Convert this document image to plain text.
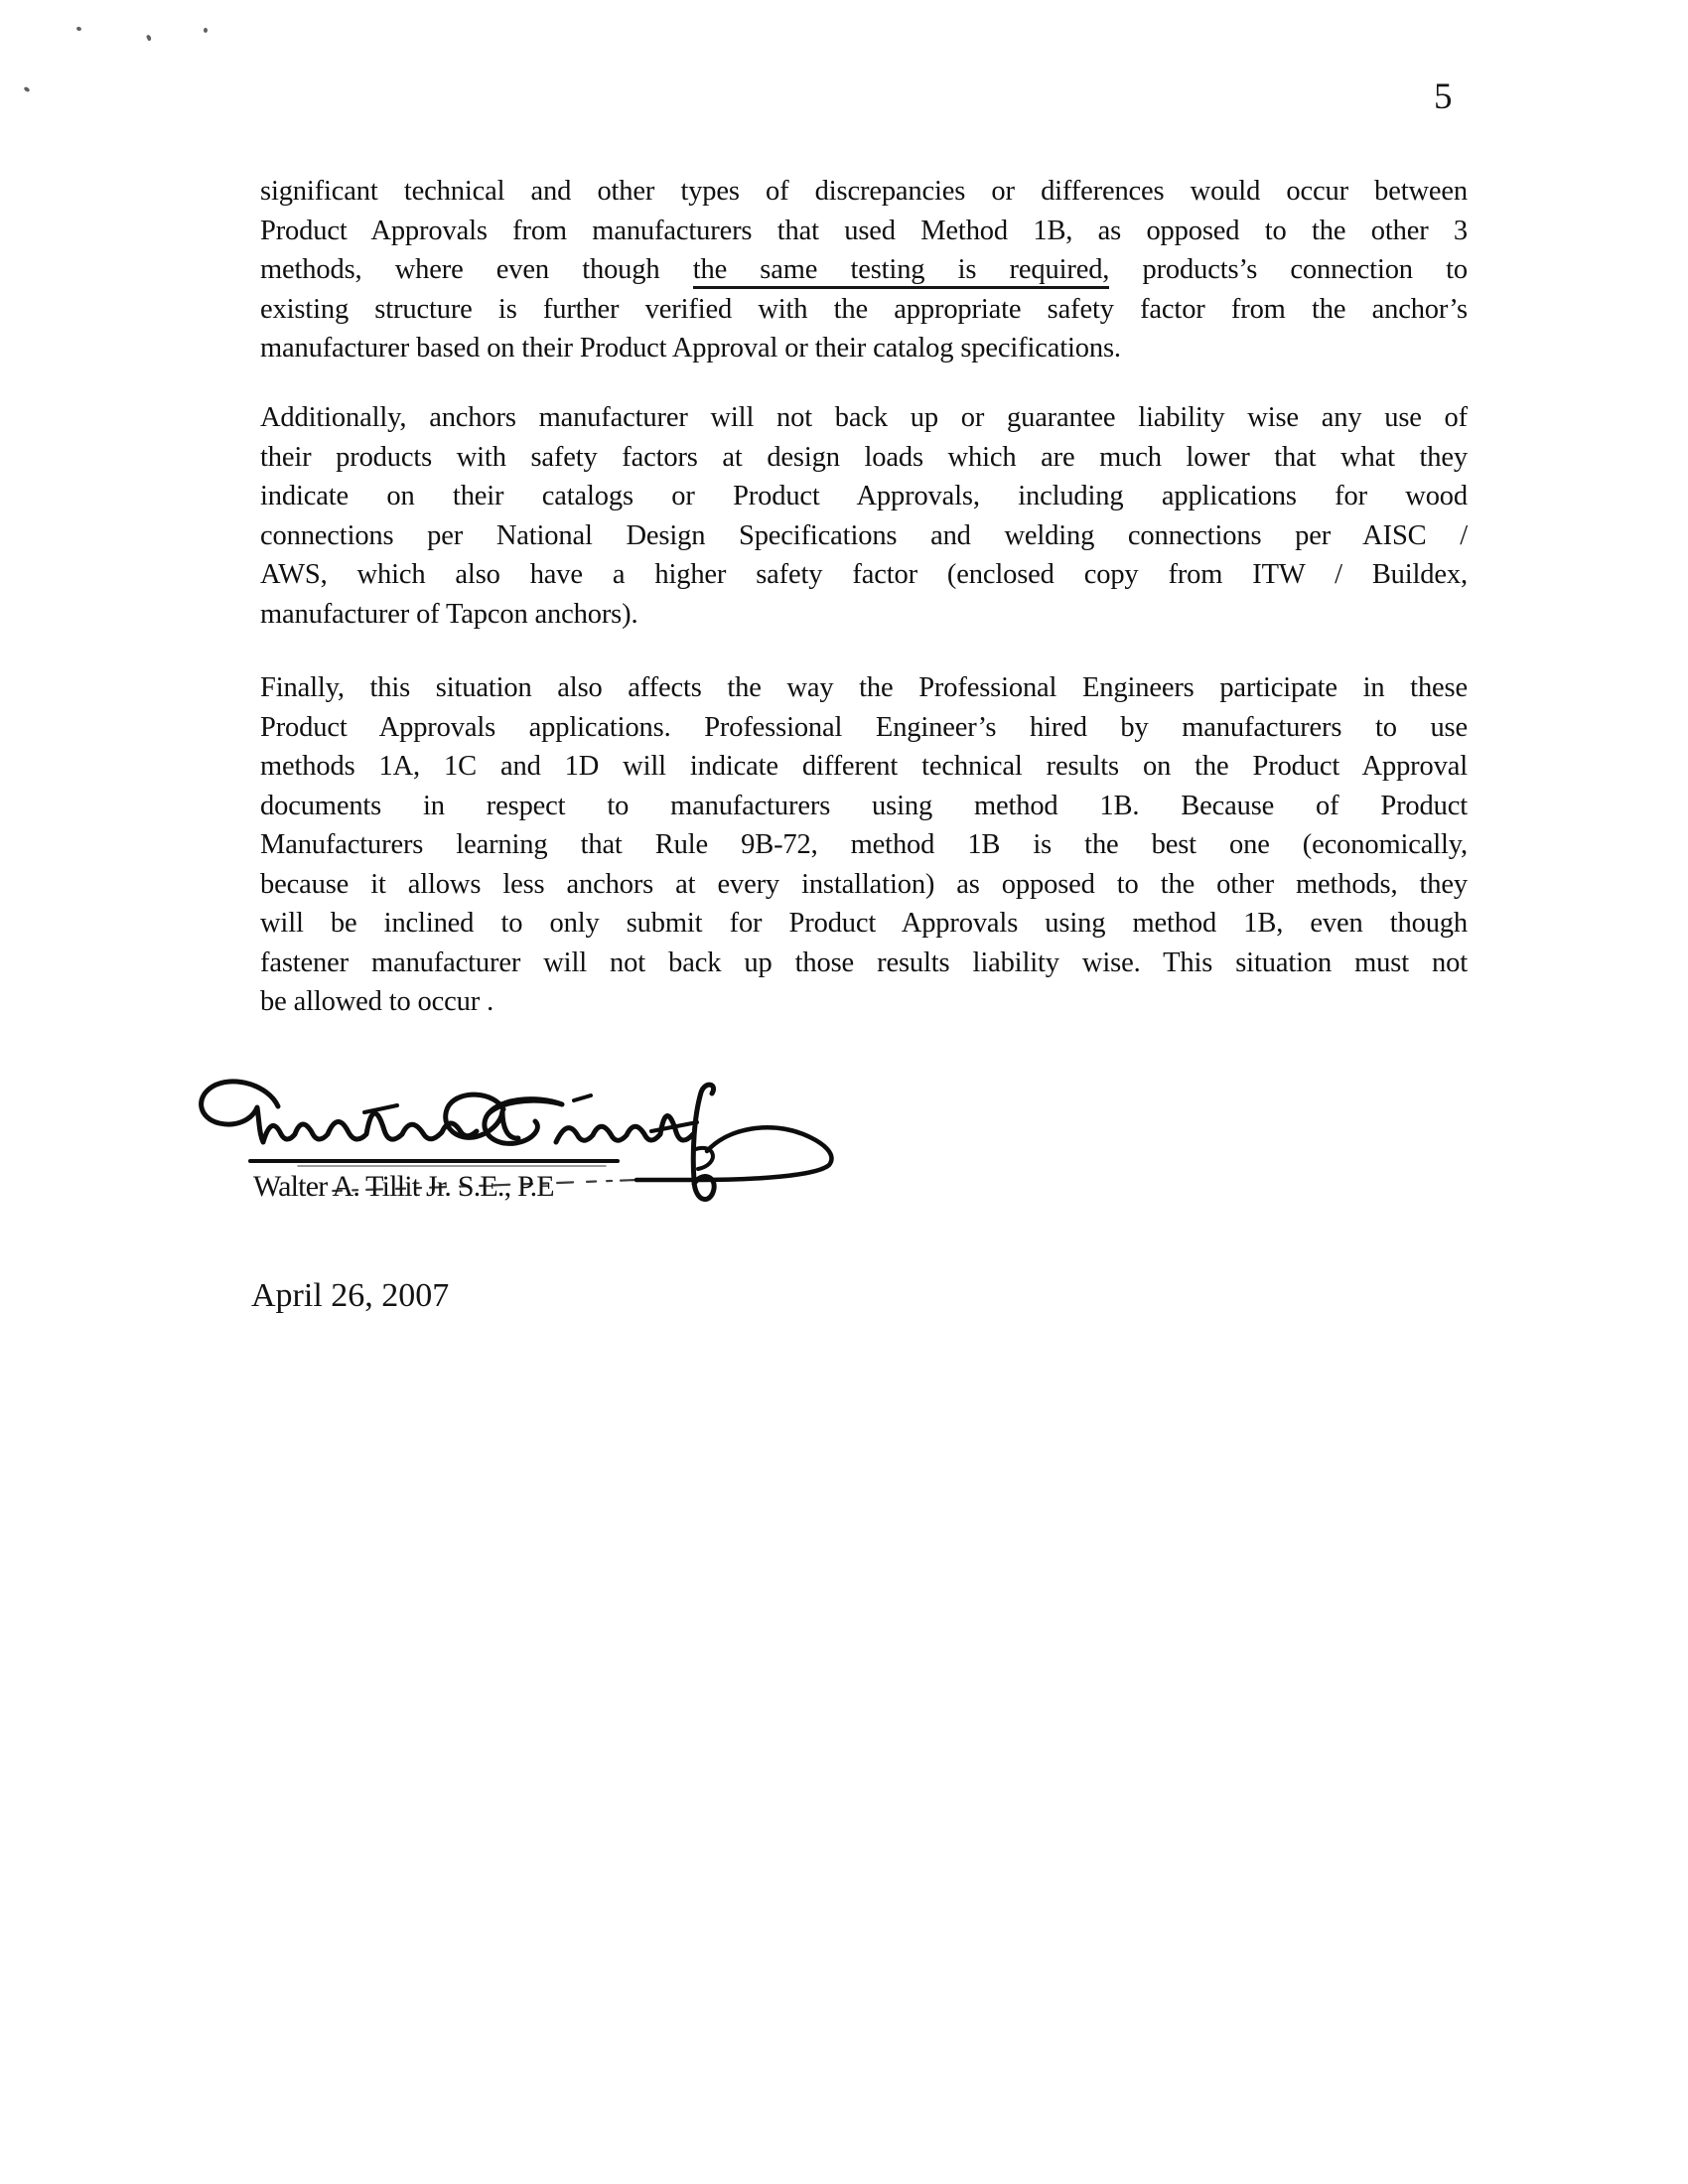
5
significant technical and other types of discrepancies or differences would occur between
Product Approvals from manufacturers that used Method 1B, as opposed to the other 3
methods, where even though the same testing is required, products’s connection to
existing structure is further verified with the appropriate safety factor from the anchor’s
manufacturer based on their Product Approval or their catalog specifications.
Additionally, anchors manufacturer will not back up or guarantee liability wise any use of
their products with safety factors at design loads which are much lower that what they
indicate on their catalogs or Product Approvals, including applications for wood
connections per National Design Specifications and welding connections per AISC /
AWS, which also have a higher safety factor (enclosed copy from ITW / Buildex,
manufacturer of Tapcon anchors).
Finally, this situation also affects the way the Professional Engineers participate in these
Product Approvals applications. Professional Engineer’s hired by manufacturers to use
methods 1A, 1C and 1D will indicate different technical results on the Product Approval
documents in respect to manufacturers using method 1B. Because of Product
Manufacturers learning that Rule 9B-72, method 1B is the best one (economically,
because it allows less anchors at every installation) as opposed to the other methods, they
will be inclined to only submit for Product Approvals using method 1B, even though
fastener manufacturer will not back up those results liability wise. This situation must not
be allowed to occur .
Walter A. Tillit Jr. S.E., P.E
April 26, 2007
